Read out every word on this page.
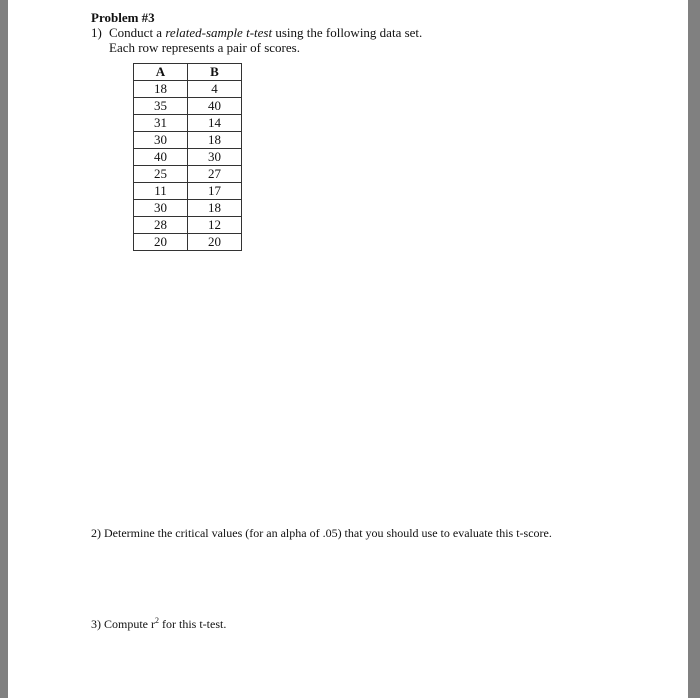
Problem #3
1) Conduct a related-sample t-test using the following data set.
Each row represents a pair of scores.
A	B
18	4
35	40
31	14
30	18
40	30
25	27
11	17
30	18
28	12
20	20
2) Determine the critical values (for an alpha of .05) that you should use to evaluate this t-score.
3) Compute $r^2$ for this t-test.
